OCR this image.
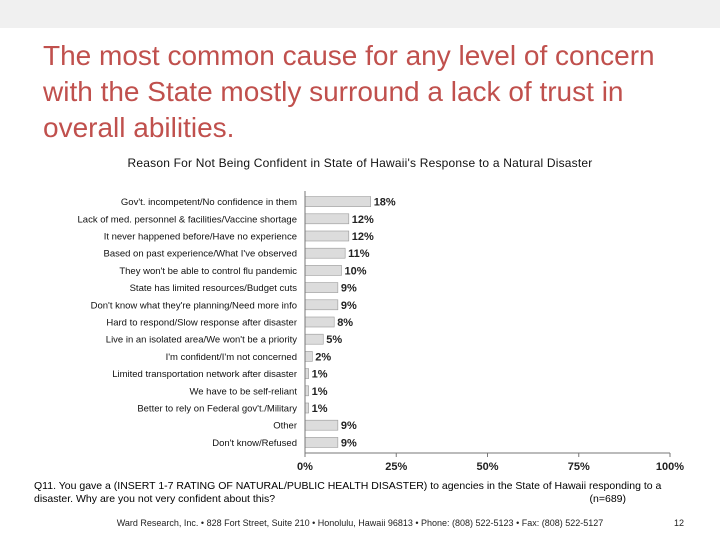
The most common cause for any level of concern with the State mostly surround a lack of trust in overall abilities.
Reason For Not Being Confident in State of Hawaii's Response to a Natural Disaster
Gov't. incompetent/No confidence in them	18%
Lack of med. personnel & facilities/Vaccine shortage	12%
It never happened before/Have no experience	12%
Based on past experience/What I've observed	11%
They won't be able to control flu pandemic	10%
State has limited resources/Budget cuts	9%
Don't know what they're planning/Need more info	9%
Hard to respond/Slow response after disaster	8%
Live in an isolated area/We won't be a priority	5%
I'm confident/I'm not concerned 2%
Limited transportation network after disaster 1%
We have to be self-reliant 1%
Better to rely on Federal gov't./Military 1%
Other	9%
Don't know/Refused	9%
0%	25%	50%	75%	100%
Q11. You gave a (INSERT 1-7 RATING OF NATURAL/PUBLIC HEALTH DISASTER) to agencies in the State of Hawaii responding to a disaster. Why are you not very confident about this?	(n=689)
Ward Research, Inc. • 828 Fort Street, Suite 210 • Honolulu, Hawaii 96813 • Phone: (808) 522-5123 • Fax: (808) 522-5127	12
